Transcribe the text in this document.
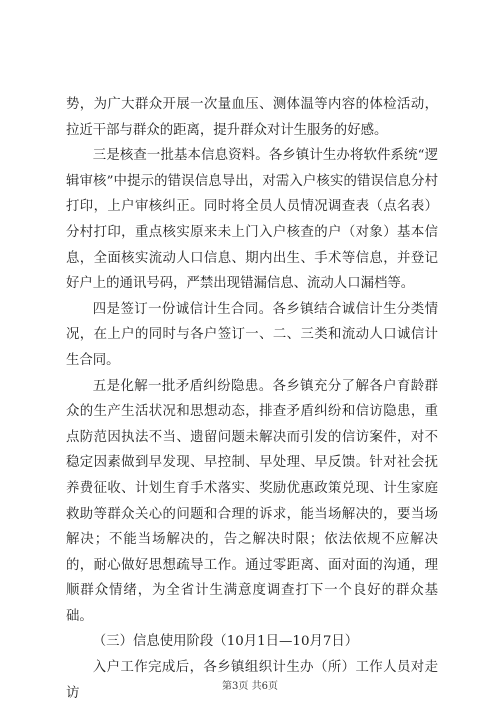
势，为广大群众开展一次量血压、测体温等内容的体检活动，拉近干部与群众的距离，提升群众对计生服务的好感。

三是核查一批基本信息资料。各乡镇计生办将软件系统“逻辑审核”中提示的错误信息导出，对需入户核实的错误信息分村打印，上户审核纠正。同时将全员人员情况调查表（点名表）分村打印，重点核实原来未上门入户核查的户（对象）基本信息，全面核实流动人口信息、期内出生、手术等信息，并登记好户上的通讯号码，严禁出现错漏信息、流动人口漏档等。

四是签订一份诚信计生合同。各乡镇结合诚信计生分类情况，在上户的同时与各户签订一、二、三类和流动人口诚信计生合同。

五是化解一批矛盾纠纷隐患。各乡镇充分了解各户育龄群众的生产生活状况和思想动态，排查矛盾纠纷和信访隐患，重点防范因执法不当、遗留问题未解决而引发的信访案件，对不稳定因素做到早发现、早控制、早处理、早反馈。针对社会抚养费征收、计划生育手术落实、奖励优惠政策兑现、计生家庭救助等群众关心的问题和合理的诉求，能当场解决的，要当场解决；不能当场解决的，告之解决时限；依法依规不应解决的，耐心做好思想疏导工作。通过零距离、面对面的沟通，理顺群众情绪，为全省计生满意度调查打下一个良好的群众基础。

（三）信息使用阶段（10月1日—10月7日）

入户工作完成后，各乡镇组织计生办（所）工作人员对走访	第3页 共6页
